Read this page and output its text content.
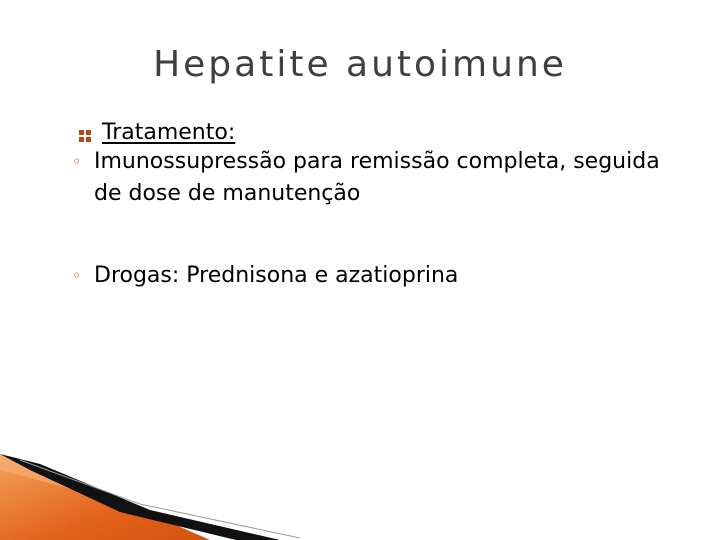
Hepatite autoimune
Tratamento:
◦ Imunossupressão para remissão completa, seguida de dose de manutenção
◦ Drogas: Prednisona e azatioprina
